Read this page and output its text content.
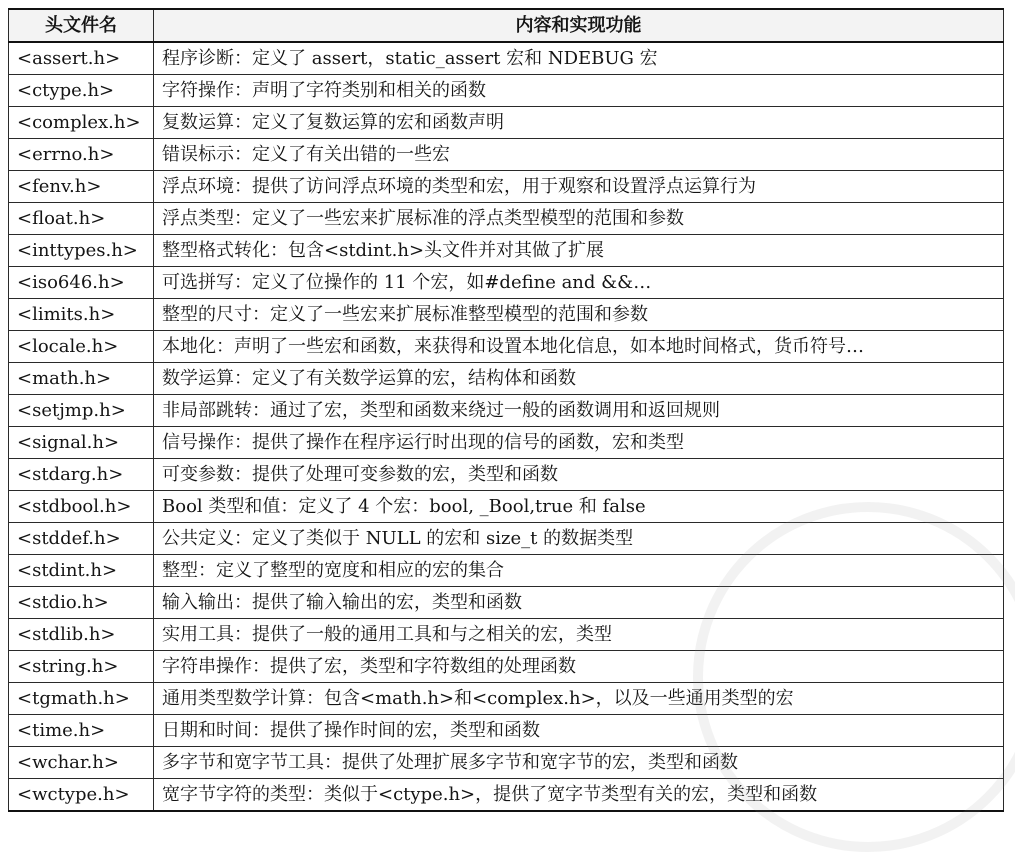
头文件名	内容和实现功能
<assert.h>	程序诊断：定义了 assert，static_assert 宏和 NDEBUG 宏
<ctype.h>	字符操作：声明了字符类别和相关的函数
<complex.h>	复数运算：定义了复数运算的宏和函数声明
<errno.h>	错误标示：定义了有关出错的一些宏
<fenv.h>	浮点环境：提供了访问浮点环境的类型和宏，用于观察和设置浮点运算行为
<float.h>	浮点类型：定义了一些宏来扩展标准的浮点类型模型的范围和参数
<inttypes.h>	整型格式转化：包含<stdint.h>头文件并对其做了扩展
<iso646.h>	可选拼写：定义了位操作的 11 个宏，如#define and &&…
<limits.h>	整型的尺寸：定义了一些宏来扩展标准整型模型的范围和参数
<locale.h>	本地化：声明了一些宏和函数，来获得和设置本地化信息，如本地时间格式，货币符号…
<math.h>	数学运算：定义了有关数学运算的宏，结构体和函数
<setjmp.h>	非局部跳转：通过了宏，类型和函数来绕过一般的函数调用和返回规则
<signal.h>	信号操作：提供了操作在程序运行时出现的信号的函数，宏和类型
<stdarg.h>	可变参数：提供了处理可变参数的宏，类型和函数
<stdbool.h>	Bool 类型和值：定义了 4 个宏：bool, _Bool,true 和 false
<stddef.h>	公共定义：定义了类似于 NULL 的宏和 size_t 的数据类型
<stdint.h>	整型：定义了整型的宽度和相应的宏的集合
<stdio.h>	输入输出：提供了输入输出的宏，类型和函数
<stdlib.h>	实用工具：提供了一般的通用工具和与之相关的宏，类型
<string.h>	字符串操作：提供了宏，类型和字符数组的处理函数
<tgmath.h>	通用类型数学计算：包含<math.h>和<complex.h>，以及一些通用类型的宏
<time.h>	日期和时间：提供了操作时间的宏，类型和函数
<wchar.h>	多字节和宽字节工具：提供了处理扩展多字节和宽字节的宏，类型和函数
<wctype.h>	宽字节字符的类型：类似于<ctype.h>，提供了宽字节类型有关的宏，类型和函数
